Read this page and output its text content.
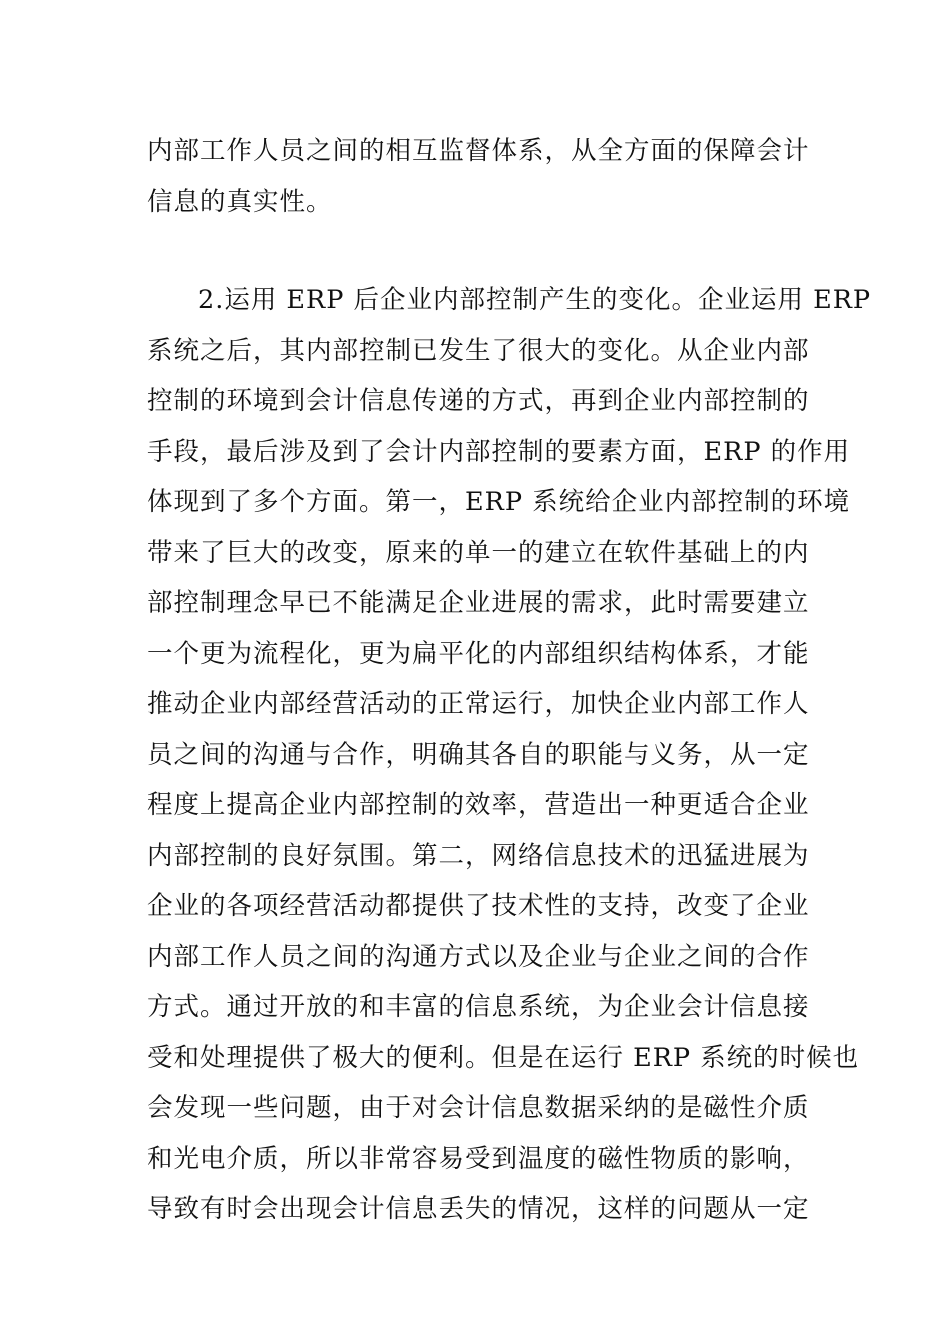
内部工作人员之间的相互监督体系，从全方面的保障会计
信息的真实性。
2.运用 ERP 后企业内部控制产生的变化。企业运用 ERP
系统之后，其内部控制已发生了很大的变化。从企业内部
控制的环境到会计信息传递的方式，再到企业内部控制的
手段，最后涉及到了会计内部控制的要素方面，ERP 的作用
体现到了多个方面。第一，ERP 系统给企业内部控制的环境
带来了巨大的改变，原来的单一的建立在软件基础上的内
部控制理念早已不能满足企业进展的需求，此时需要建立
一个更为流程化，更为扁平化的内部组织结构体系，才能
推动企业内部经营活动的正常运行，加快企业内部工作人
员之间的沟通与合作，明确其各自的职能与义务，从一定
程度上提高企业内部控制的效率，营造出一种更适合企业
内部控制的良好氛围。第二，网络信息技术的迅猛进展为
企业的各项经营活动都提供了技术性的支持，改变了企业
内部工作人员之间的沟通方式以及企业与企业之间的合作
方式。通过开放的和丰富的信息系统，为企业会计信息接
受和处理提供了极大的便利。但是在运行 ERP 系统的时候也
会发现一些问题，由于对会计信息数据采纳的是磁性介质
和光电介质，所以非常容易受到温度的磁性物质的影响，
导致有时会出现会计信息丢失的情况，这样的问题从一定
